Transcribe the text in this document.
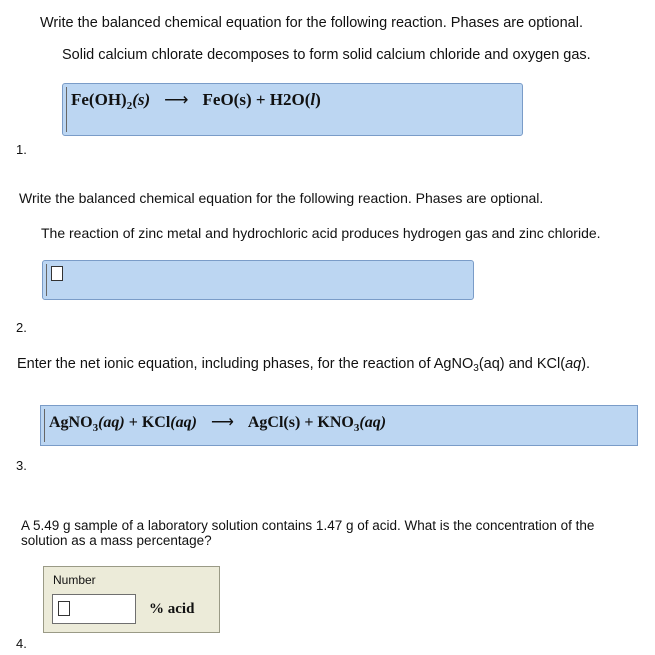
Write the balanced chemical equation for the following reaction. Phases are optional.
Solid calcium chlorate decomposes to form solid calcium chloride and oxygen gas.
$Fe(OH)_2(s)$ ⟶ FeO(s) + H2O(l)
1.
Write the balanced chemical equation for the following reaction. Phases are optional.
The reaction of zinc metal and hydrochloric acid produces hydrogen gas and zinc chloride.
2.
Enter the net ionic equation, including phases, for the reaction of AgNO$_3$(aq) and KCl(aq).
AgNO$_3$(aq) + KCl(aq) ⟶ AgCl(s) + $KNO_3(aq)$
3.
A 5.49 g sample of a laboratory solution contains 1.47 g of acid. What is the concentration of the
solution as a mass percentage?
Number
% acid
4.
